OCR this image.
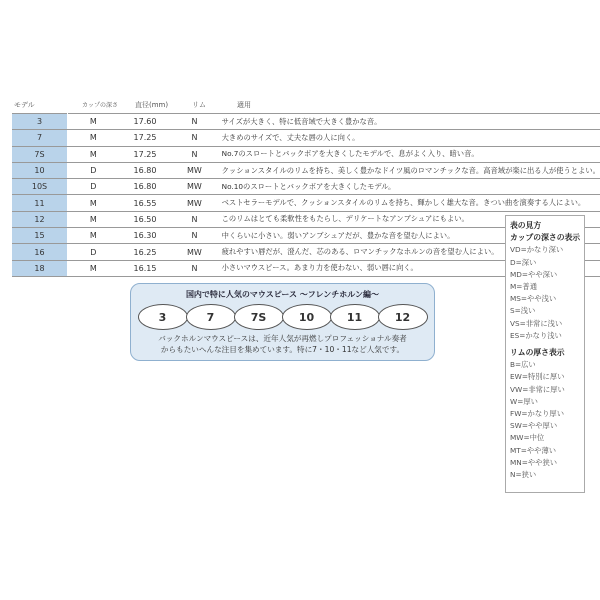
モデル	カップの深さ 直径(mm)	リム	適用
3	M	17.60	N	サイズが大きく、特に低音域で大きく豊かな音。
7	M	17.25	N	大きめのサイズで、丈夫な唇の人に向く。
7S	M	17.25	N	No.7のスロートとバックボアを大きくしたモデルで、息がよく入り、暗い音。
10	D	16.80	MW	クッションスタイルのリムを持ち、美しく豊かなドイツ風のロマンチックな音。高音域が楽に出る人が使うとよい。
10S	D	16.80	MW	No.10のスロートとバックボアを大きくしたモデル。
11	M	16.55	MW	ベストセラーモデルで、クッションスタイルのリムを持ち、輝かしく雄大な音。きつい曲を演奏する人によい。
12	M	16.50	N	このリムはとても柔軟性をもたらし、デリケートなアンブシュアにもよい。
15	M	16.30	N	中くらいに小さい。弱いアンブシュアだが、豊かな音を望む人によい。
16	D	16.25	MW	疲れやすい唇だが、澄んだ、芯のある、ロマンチックなホルンの音を望む人によい。
18	M	16.15	N	小さいマウスピース。あまり力を使わない、弱い唇に向く。
国内で特に人気のマウスピース ～フレンチホルン編～
3	7	7S	10	11	12
バックホルンマウスピースは、近年人気が再燃しプロフェッショナル奏者
からもたいへんな注目を集めています。特に7・10・11など人気です。
表の見方
カップの深さの表示
VD=かなり深い
D=深い
MD=やや深い
M=普通
MS=やや浅い
S=浅い
VS=非常に浅い
ES=かなり浅い
リムの厚さ表示
B=広い
EW=特別に厚い
VW=非常に厚い
W=厚い
FW=かなり厚い
SW=やや厚い
MW=中位
MT=やや薄い
MN=やや狭い
N=狭い
